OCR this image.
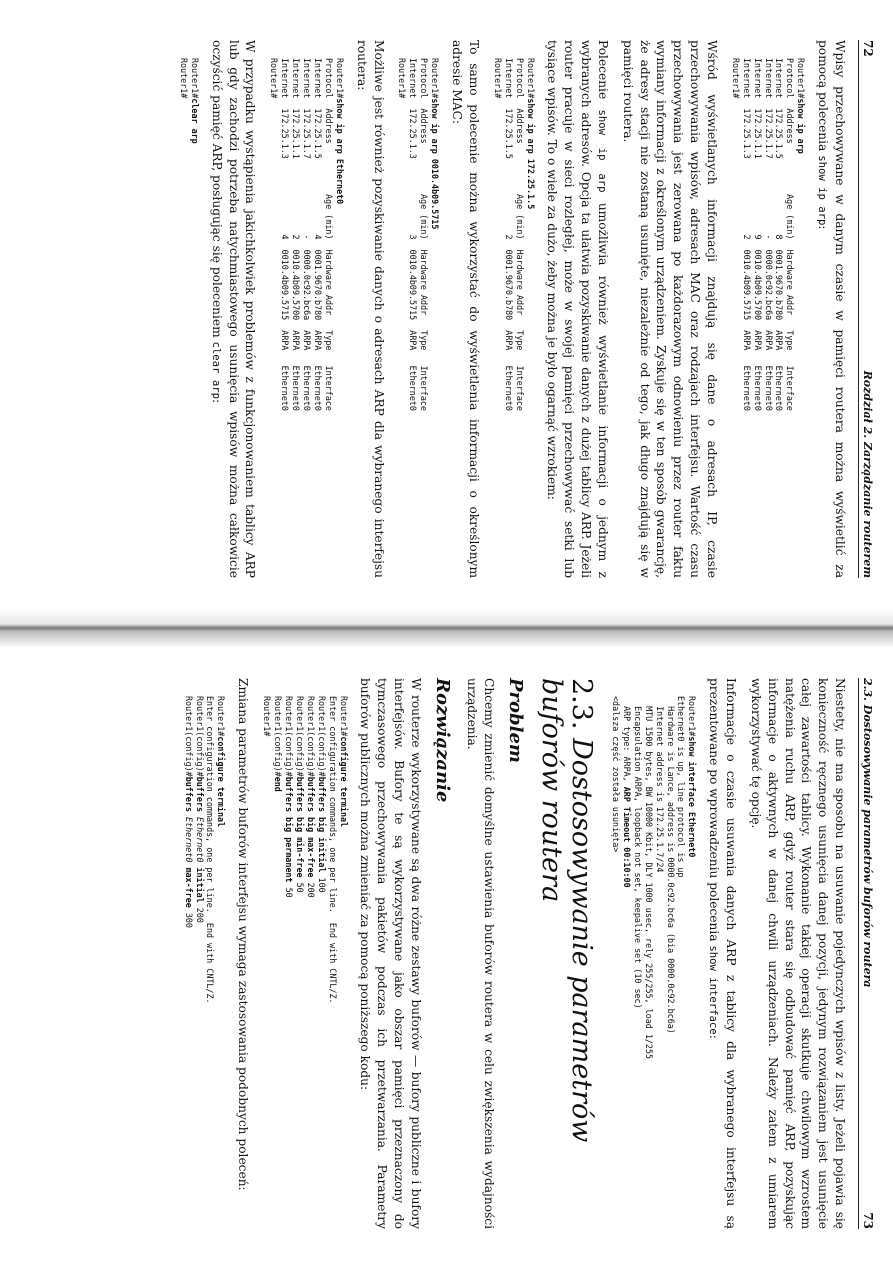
72
Rozdział 2. Zarządzanie routerem

Wpisy przechowywane w danym czasie w pamięci routera można wyświetlić za pomocą polecenia show ip arp:

Router1#show ip arp
Protocol  Address          Age (min)  Hardware Addr   Type   Interface
Internet  172.25.1.5               8  0001.9670.b780  ARPA   Ethernet0
Internet  172.25.1.7               -  0000.0c92.bc6a  ARPA   Ethernet0
Internet  172.25.1.1               9  0010.4b09.5700  ARPA   Ethernet0
Internet  172.25.1.3               2  0010.4b09.5715  ARPA   Ethernet0
Router1#

Wśród wyświetlanych informacji znajdują się dane o adresach IP, czasie przechowywania wpisów, adresach MAC oraz rodzajach interfejsu. Wartość czasu przechowywania jest zerowana po każdorazowym odnowieniu przez router faktu wymiany informacji z określonym urządzeniem. Zyskuje się w ten sposób gwarancję, że adresy stacji nie zostaną usunięte, niezależnie od tego, jak długo znajdują się w pamięci routera.

Polecenie show ip arp umożliwia również wyświetlanie informacji o jednym z wybranych adresów. Opcja ta ułatwia pozyskiwanie danych z dużej tablicy ARP. Jeżeli router pracuje w sieci rozległej, może w swojej pamięci przechowywać setki lub tysiące wpisów. To o wiele za dużo, żeby można je było ogarnąć wzrokiem:

Router1#show ip arp 172.25.1.5
Protocol  Address          Age (min)  Hardware Addr   Type   Interface
Internet  172.25.1.5               2  0001.9670.b780  ARPA   Ethernet0
Router1#

To samo polecenie można wykorzystać do wyświetlenia informacji o określonym adresie MAC:

Router1#show ip arp 0010.4b09.5715
Protocol  Address          Age (min)  Hardware Addr   Type   Interface
Internet  172.25.1.3               3  0010.4b09.5715  ARPA   Ethernet0
Router1#

Możliwe jest również pozyskiwanie danych o adresach ARP dla wybranego interfejsu routera:

Router1#show ip arp Ethernet0
Protocol  Address          Age (min)  Hardware Addr   Type   Interface
Internet  172.25.1.5               4  0001.9670.b780  ARPA   Ethernet0
Internet  172.25.1.7               -  0000.0c92.bc6a  ARPA   Ethernet0
Internet  172.25.1.1               2  0010.4b09.5700  ARPA   Ethernet0
Internet  172.25.1.3               4  0010.4b09.5715  ARPA   Ethernet0
Router1#

W przypadku wystąpienia jakichkolwiek problemów z funkcjonowaniem tablicy ARP lub gdy zachodzi potrzeba natychmiastowego usunięcia wpisów można całkowicie oczyścić pamięć ARP, posługując się poleceniem clear arp:

Router1#clear arp
Router1#
2.3. Dostosowywanie parametrów buforów routera
73

Niestety, nie ma sposobu na usuwanie pojedynczych wpisów z listy. Jeżeli pojawia się konieczność ręcznego usunięcia danej pozycji, jedynym rozwiązaniem jest usunięcie całej zawartości tablicy. Wykonanie takiej operacji skutkuje chwilowym wzrostem natężenia ruchu ARP, gdyż router stara się odbudować pamięć ARP, pozyskując informacje o aktywnych w danej chwili urządzeniach. Należy zatem z umiarem wykorzystywać tę opcję.

Informacje o czasie usuwania danych ARP z tablicy dla wybranego interfejsu są prezentowane po wprowadzeniu polecenia show interface:

Router1#show interface Ethernet0
Ethernet0 is up, line protocol is up
Hardware is Lance, address is 0000.0c92.bc6a (bia 0000.0c92.bc6a)
Internet address is 172.25.1.7/24
MTU 1500 bytes, BW 10000 Kbit, DLY 1000 usec, rely 255/255, load 1/255
Encapsulation ARPA, loopback not set, keepalive set (10 sec)
ARP type: ARPA, ARP Timeout 00:10:00
<dalsza część została usunięta>
2.3. Dostosowywanie parametrów buforów routera
Problem

Chcemy zmienić domyślne ustawienia buforów routera w celu zwiększenia wydajności urządzenia.

Rozwiązanie

W routerze wykorzystywane są dwa różne zestawy buforów — bufory publiczne i bufory interfejsów. Bufory te są wykorzystywane jako obszar pamięci przeznaczony do tymczasowego przechowywania pakietów podczas ich przetwarzania. Parametry buforów publicznych można zmieniać za pomocą poniższego kodu:

Router1#configure terminal
Enter configuration commands, one per line.  End with CNTL/Z.
Router1(config)#buffers big initial 100
Router1(config)#buffers big max-free 200
Router1(config)#buffers big min-free 50
Router1(config)#buffers big permanent 50
Router1(config)#end
Router1#

Zmiana parametrów buforów interfejsu wymaga zastosowania podobnych poleceń:

Router1#configure terminal
Enter configuration commands, one per line.  End with CNTL/Z.
Router1(config)#buffers Ethernet0 initial 200
Router1(config)#buffers Ethernet0 max-free 300
